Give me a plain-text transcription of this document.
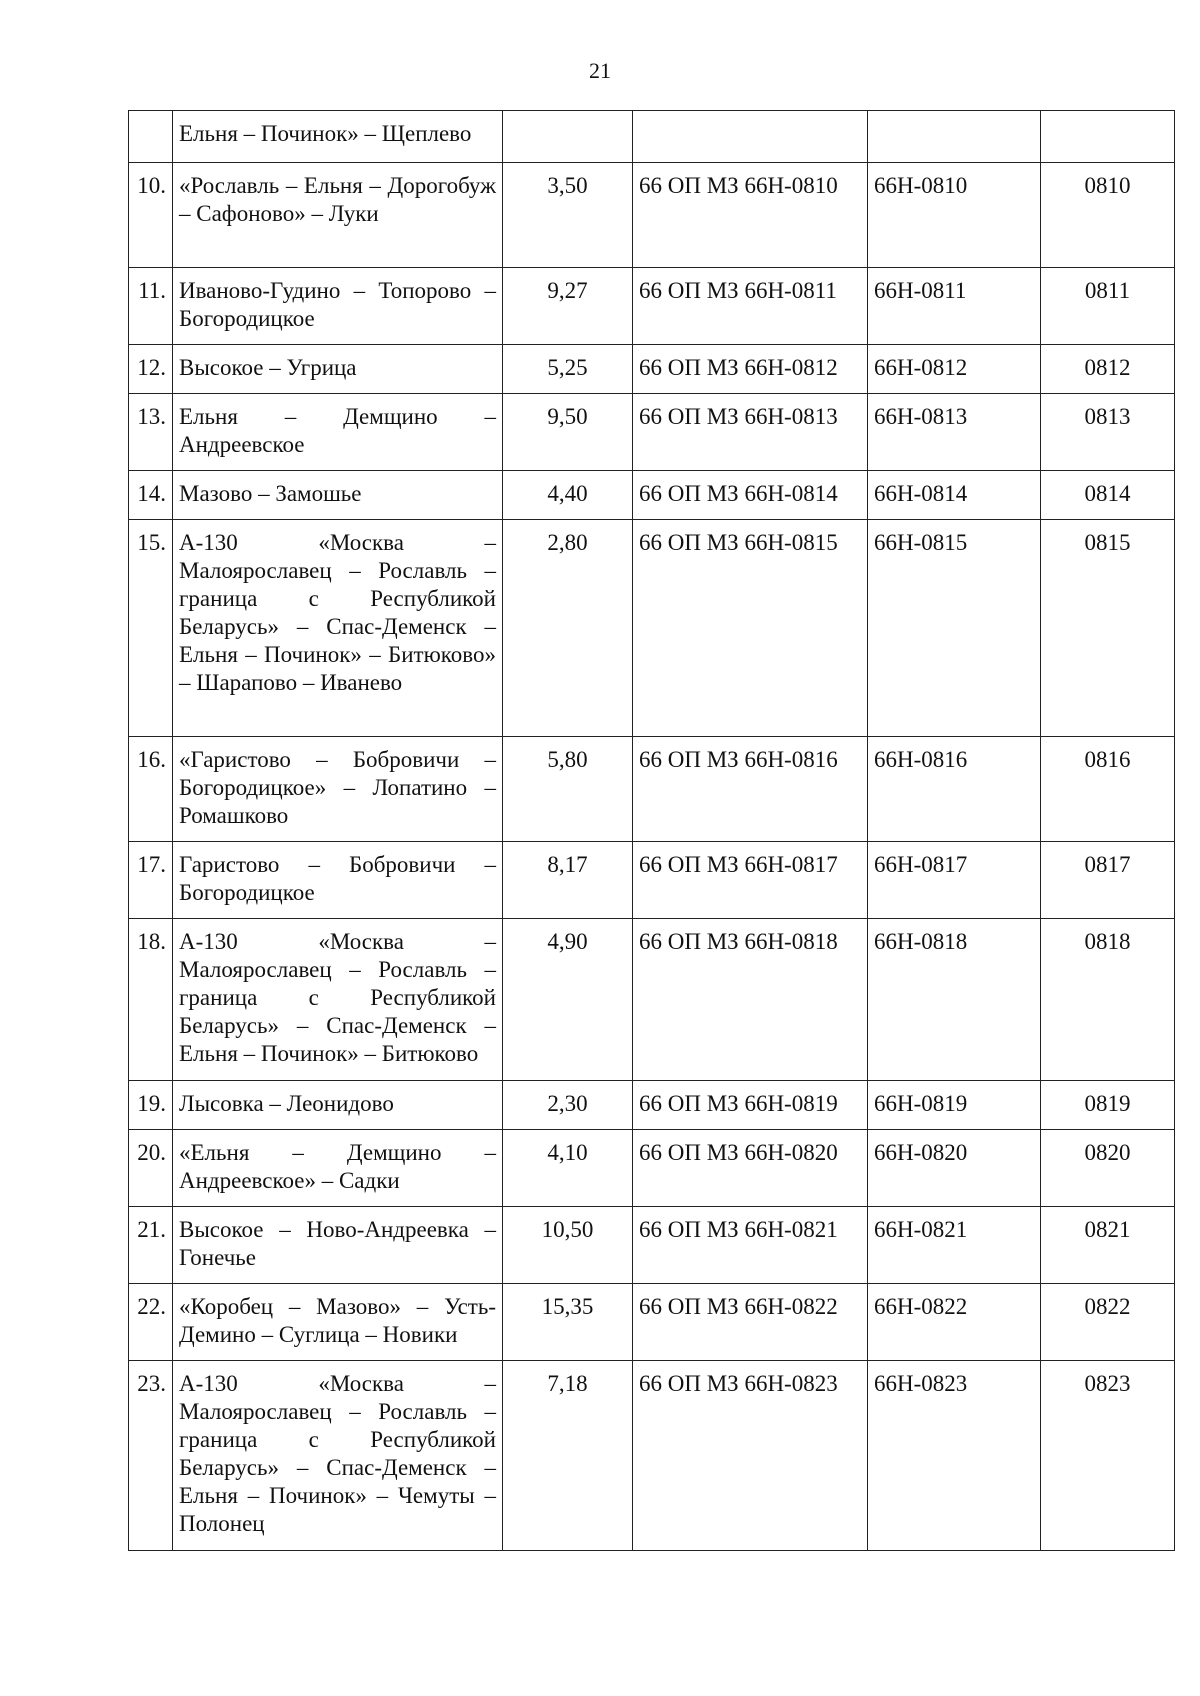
21
	Ельня – Починок» – Щеплево				
10.	«Рославль – Ельня – Дорогобуж – Сафоново» – Луки	3,50	66 ОП МЗ 66Н-0810	66Н-0810	0810
11.	Иваново-Гудино – Топорово – Богородицкое	9,27	66 ОП МЗ 66Н-0811	66Н-0811	0811
12.	Высокое – Угрица	5,25	66 ОП МЗ 66Н-0812	66Н-0812	0812
13.	Ельня – Демщино – Андреевское	9,50	66 ОП МЗ 66Н-0813	66Н-0813	0813
14.	Мазово – Замошье	4,40	66 ОП МЗ 66Н-0814	66Н-0814	0814
15.	А-130 «Москва – Малоярославец – Рославль – граница с Республикой Беларусь» – Спас-Деменск – Ельня – Починок» – Битюково» – Шарапово – Иванево	2,80	66 ОП МЗ 66Н-0815	66Н-0815	0815
16.	«Гаристово – Бобровичи – Богородицкое» – Лопатино – Ромашково	5,80	66 ОП МЗ 66Н-0816	66Н-0816	0816
17.	Гаристово – Бобровичи – Богородицкое	8,17	66 ОП МЗ 66Н-0817	66Н-0817	0817
18.	А-130 «Москва – Малоярославец – Рославль – граница с Республикой Беларусь» – Спас-Деменск – Ельня – Починок» – Битюково	4,90	66 ОП МЗ 66Н-0818	66Н-0818	0818
19.	Лысовка – Леонидово	2,30	66 ОП МЗ 66Н-0819	66Н-0819	0819
20.	«Ельня – Демщино – Андреевское» – Садки	4,10	66 ОП МЗ 66Н-0820	66Н-0820	0820
21.	Высокое – Ново-Андреевка – Гонечье	10,50	66 ОП МЗ 66Н-0821	66Н-0821	0821
22.	«Коробец – Мазово» – Усть-Демино – Суглица – Новики	15,35	66 ОП МЗ 66Н-0822	66Н-0822	0822
23.	А-130 «Москва – Малоярославец – Рославль – граница с Республикой Беларусь» – Спас-Деменск – Ельня – Починок» – Чемуты – Полонец	7,18	66 ОП МЗ 66Н-0823	66Н-0823	0823
